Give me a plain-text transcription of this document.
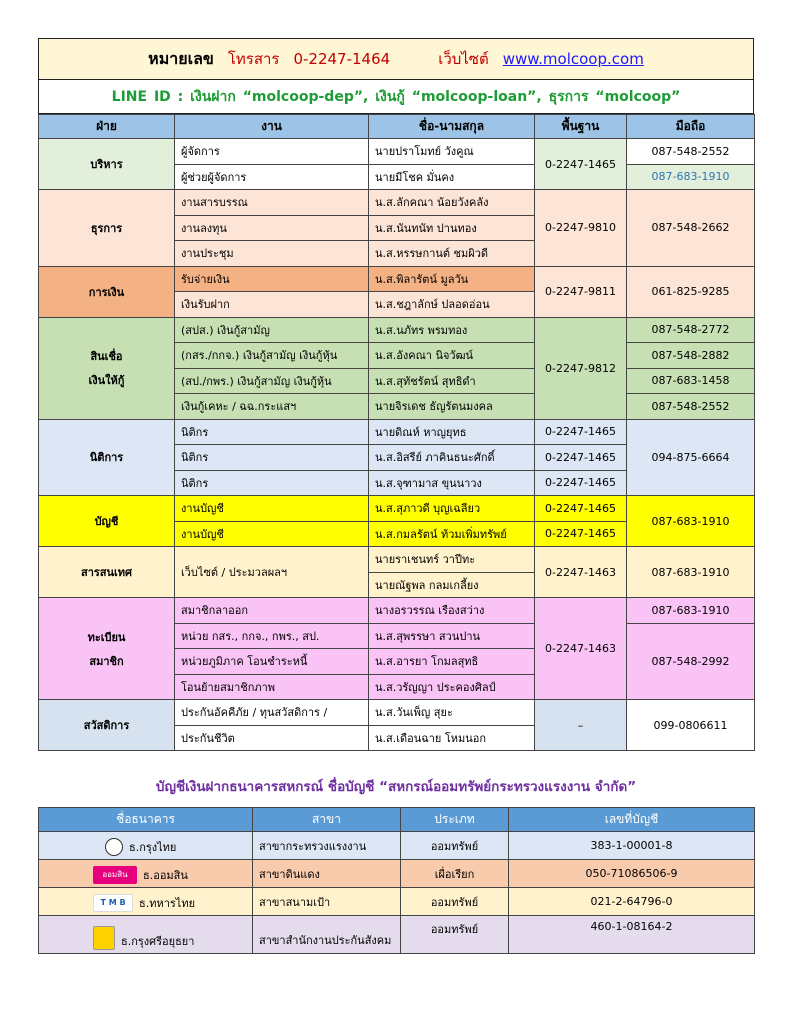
หมายเลข โทรสาร 0-2247-1464	เว็บไซต์ www.molcoop.com
LINE ID : เงินฝาก “molcoop-dep”, เงินกู้ “molcoop-loan”, ธุรการ “molcoop”
ฝ่าย	งาน	ชื่อ-นามสกุล	พื้นฐาน	มือถือ
บริหาร	ผู้จัดการ	นายปราโมทย์ วังคูณ	0-2247-1465	087-548-2552
	ผู้ช่วยผู้จัดการ	นายมีโชค มั่นคง		087-683-1910
ธุรการ	งานสารบรรณ	น.ส.ลักคณา น้อยวังคลัง	0-2247-9810	087-548-2662
	งานลงทุน	น.ส.นันทนัท ปานทอง		
	งานประชุม	น.ส.หรรษกานต์ ชมผิวดี		
การเงิน	รับจ่ายเงิน	น.ส.พิลารัตน์ มูลวัน	0-2247-9811	061-825-9285
	เงินรับฝาก	น.ส.ชฎาลักษ์ ปลอดอ่อน		

สินเชื่อ
เงินให้กู้	(สปส.) เงินกู้สามัญ	น.ส.นภัทร พรมทอง	0-2247-9812	087-548-2772
	(กสร./กกจ.) เงินกู้สามัญ เงินกู้หุ้น	น.ส.อังคณา นิจวัฒน์		087-548-2882
	(สป./กพร.) เงินกู้สามัญ เงินกู้หุ้น	น.ส.สุทัชรัตน์ สุทธิดำ		087-683-1458
	เงินกู้เคหะ / ฉฉ.กระแสฯ	นายจิรเดช ธัญรัตนมงคล		087-548-2552
นิติการ	นิติกร	นายดิณห์ หาญยุทธ	0-2247-1465	094-875-6664
	นิติกร	น.ส.อิสรีย์ ภาคินธนะศักดิ์	0-2247-1465	
	นิติกร	น.ส.จุฑามาส ขุนนาวง	0-2247-1465	
บัญชี	งานบัญชี	น.ส.สุภาวดี บุญเฉลียว	0-2247-1465	087-683-1910
	งานบัญชี	น.ส.กมลรัตน์ ท้วมเพิ่มทรัพย์	0-2247-1465	
สารสนเทศ	เว็บไซต์ / ประมวลผลฯ	นายราเชนทร์ วาปีทะ	0-2247-1463	087-683-1910
		นายณัฐพล กลมเกลี้ยง		

ทะเบียน
สมาชิก	สมาชิกลาออก	นางอรวรรณ เรืองสว่าง	0-2247-1463	087-683-1910
	หน่วย กสร., กกจ., กพร., สป.	น.ส.สุพรรษา สวนปาน		087-548-2992
	หน่วยภูมิภาค โอนชำระหนี้	น.ส.อารยา โกมลสุทธิ		
	โอนย้ายสมาชิกภาพ	น.ส.วรัญญา ประคองศิลป์		
สวัสดิการ	ประกันอัคคีภัย / ทุนสวัสดิการ /	น.ส.วันเพ็ญ สุยะ	–	099-0806611
	ประกันชีวิต	น.ส.เดือนฉาย โหมนอก		
บัญชีเงินฝากธนาคารสหกรณ์ ชื่อบัญชี “สหกรณ์ออมทรัพย์กระทรวงแรงงาน จำกัด”
ชื่อธนาคาร	สาขา	ประเภท	เลขที่บัญชี

ธ.กรุงไทย	สาขากระทรวงแรงงาน	ออมทรัพย์	383-1-00001-8

ออมสิน ธ.ออมสิน	สาขาดินแดง	เผื่อเรียก	050-71086506-9

T M B ธ.ทหารไทย	สาขาสนามเป้า	ออมทรัพย์	021-2-64796-0

ธ.กรุงศรีอยุธยา	สาขาสำนักงานประกันสังคม	ออมทรัพย์	460-1-08164-2
